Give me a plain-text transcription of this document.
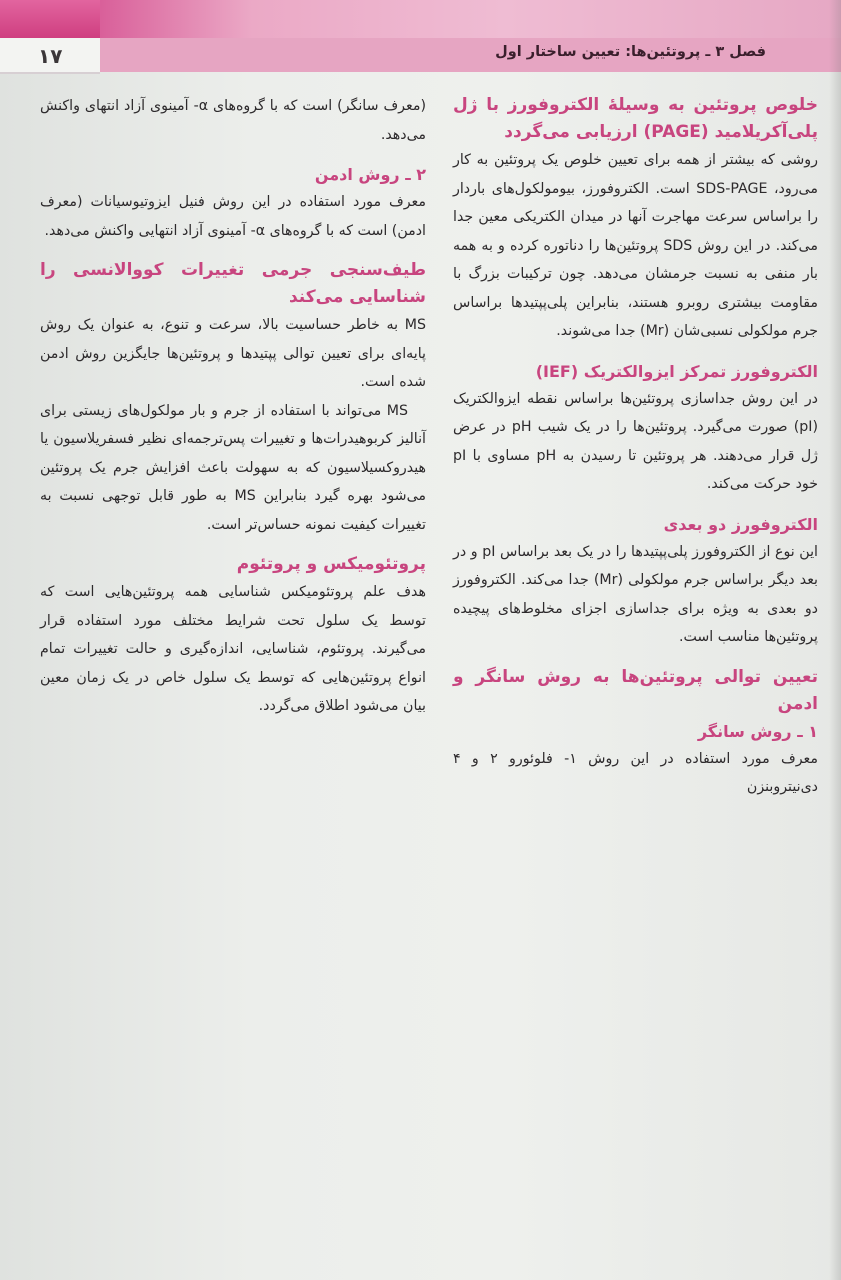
۱۷	فصل ۳ ـ پروتئین‌ها: تعیین ساختار اول

خلوص پروتئین به وسیلۀ الکتروفورز با ژل پلی‌آکریلامید (PAGE) ارزیابی می‌گردد

روشی که بیشتر از همه برای تعیین خلوص یک پروتئین به کار می‌رود، SDS-PAGE است. الکتروفورز، بیومولکول‌های باردار را براساس سرعت مهاجرت آنها در میدان الکتریکی معین جدا می‌کند. در این روش SDS پروتئین‌ها را دناتوره کرده و به همه بار منفی به نسبت جرمشان می‌دهد. چون ترکیبات بزرگ با مقاومت بیشتری روبرو هستند، بنابراین پلی‌پپتیدها براساس جرم مولکولی نسبی‌شان (Mr) جدا می‌شوند.

الکتروفورز تمرکز ایزوالکتریک (IEF)

در این روش جداسازی پروتئین‌ها براساس نقطه ایزوالکتریک (pI) صورت می‌گیرد. پروتئین‌ها را در یک شیب pH در عرض ژل قرار می‌دهند. هر پروتئین تا رسیدن به pH مساوی با pI خود حرکت می‌کند.

الکتروفورز دو بعدی

این نوع از الکتروفورز پلی‌پپتیدها را در یک بعد براساس pI و در بعد دیگر براساس جرم مولکولی (Mr) جدا می‌کند. الکتروفورز دو بعدی به ویژه برای جداسازی اجزای مخلوط‌های پیچیده پروتئین‌ها مناسب است.

تعیین توالی پروتئین‌ها به روش سانگر و ادمن

۱ ـ روش سانگر

معرف مورد استفاده در این روش ۱- فلوئورو ۲ و ۴ دی‌نیتروبنزن

(معرف سانگر) است که با گروه‌های α- آمینوی آزاد انتهای واکنش می‌دهد.

۲ ـ روش ادمن

معرف مورد استفاده در این روش فنیل ایزوتیوسیانات (معرف ادمن) است که با گروه‌های α- آمینوی آزاد انتهایی واکنش می‌دهد.

طیف‌سنجی جرمی تغییرات کووالانسی را شناسایی می‌کند

MS به خاطر حساسیت بالا، سرعت و تنوع، به عنوان یک روش پایه‌ای برای تعیین توالی پپتیدها و پروتئین‌ها جایگزین روش ادمن شده است.

MS می‌تواند با استفاده از جرم و بار مولکول‌های زیستی برای آنالیز کربوهیدرات‌ها و تغییرات پس‌ترجمه‌ای نظیر فسفریلاسیون یا هیدروکسیلاسیون که به سهولت باعث افزایش جرم یک پروتئین می‌شود بهره گیرد بنابراین MS به طور قابل توجهی نسبت به تغییرات کیفیت نمونه حساس‌تر است.

پروتئومیکس و پروتئوم

هدف علم پروتئومیکس شناسایی همه پروتئین‌هایی است که توسط یک سلول تحت شرایط مختلف مورد استفاده قرار می‌گیرند. پروتئوم، شناسایی، اندازه‌گیری و حالت تغییرات تمام انواع پروتئین‌هایی که توسط یک سلول خاص در یک زمان معین بیان می‌شود اطلاق می‌گردد.
